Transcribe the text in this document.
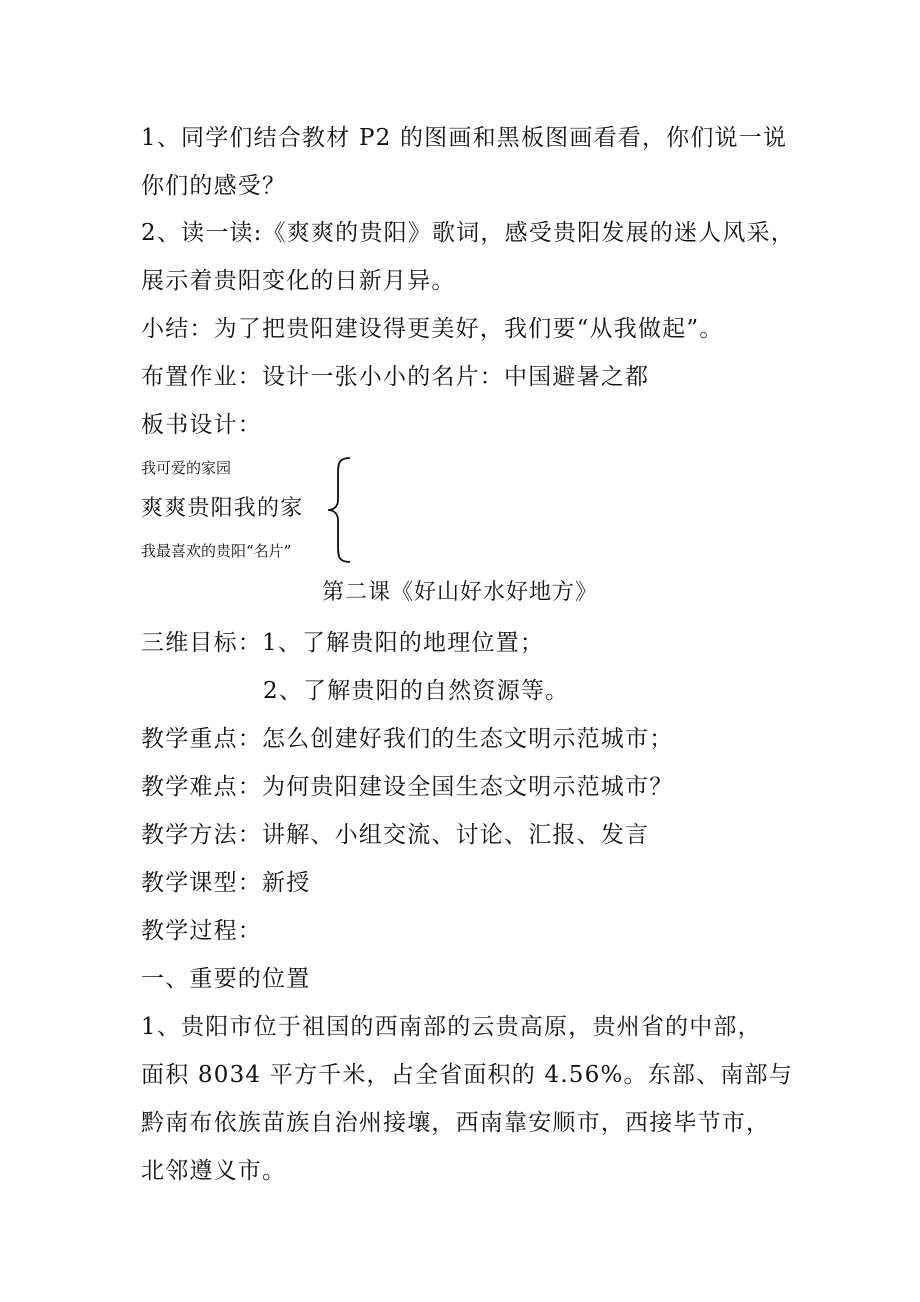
1、同学们结合教材 P2 的图画和黑板图画看看，你们说一说
你们的感受？
2、读一读:《爽爽的贵阳》歌词，感受贵阳发展的迷人风采，
展示着贵阳变化的日新月异。
小结：为了把贵阳建设得更美好，我们要“从我做起”。
布置作业：设计一张小小的名片：中国避暑之都
板书设计：
我可爱的家园
爽爽贵阳我的家
我最喜欢的贵阳“名片”
第二课《好山好水好地方》
三维目标：1、了解贵阳的地理位置；
2、了解贵阳的自然资源等。
教学重点：怎么创建好我们的生态文明示范城市；
教学难点：为何贵阳建设全国生态文明示范城市？
教学方法：讲解、小组交流、讨论、汇报、发言
教学课型：新授
教学过程：
一、重要的位置
1、贵阳市位于祖国的西南部的云贵高原，贵州省的中部，
面积 8034 平方千米，占全省面积的 4.56%。东部、南部与
黔南布依族苗族自治州接壤，西南靠安顺市，西接毕节市，
北邻遵义市。
